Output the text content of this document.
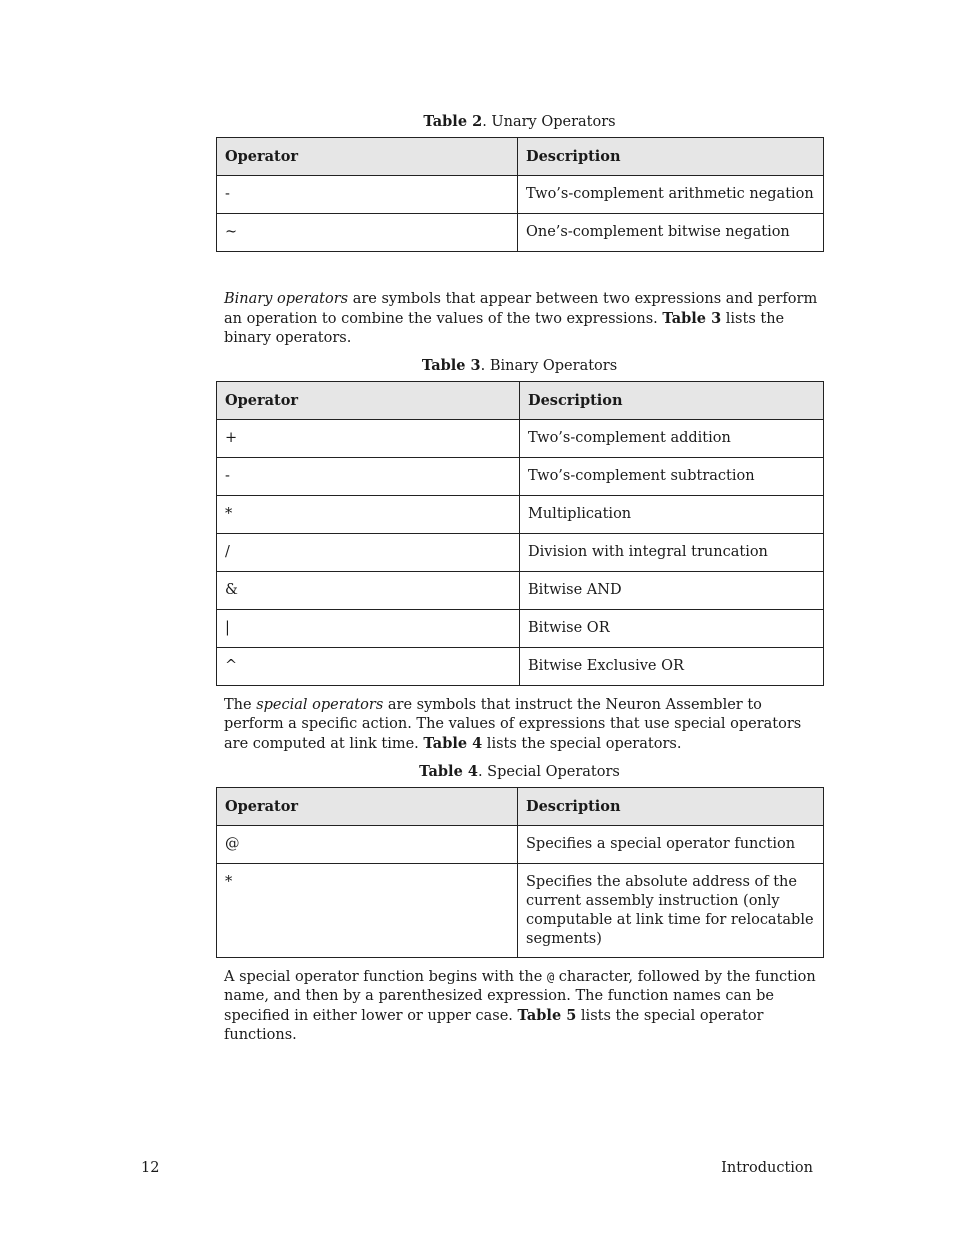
Table 2. Unary Operators
Operator	Description
-	Two’s-complement arithmetic negation
~	One’s-complement bitwise negation
Binary operators are symbols that appear between two expressions and perform an operation to combine the values of the two expressions. Table 3 lists the binary operators.
Table 3. Binary Operators
Operator	Description
+	Two’s-complement addition
-	Two’s-complement subtraction
*	Multiplication
/	Division with integral truncation
&	Bitwise AND
|	Bitwise OR
^	Bitwise Exclusive OR
The special operators are symbols that instruct the Neuron Assembler to perform a specific action. The values of expressions that use special operators are computed at link time. Table 4 lists the special operators.
Table 4. Special Operators
Operator	Description
@	Specifies a special operator function
*	Specifies the absolute address of the current assembly instruction (only computable at link time for relocatable segments)
A special operator function begins with the @ character, followed by the function name, and then by a parenthesized expression. The function names can be specified in either lower or upper case. Table 5 lists the special operator functions.
12	Introduction
